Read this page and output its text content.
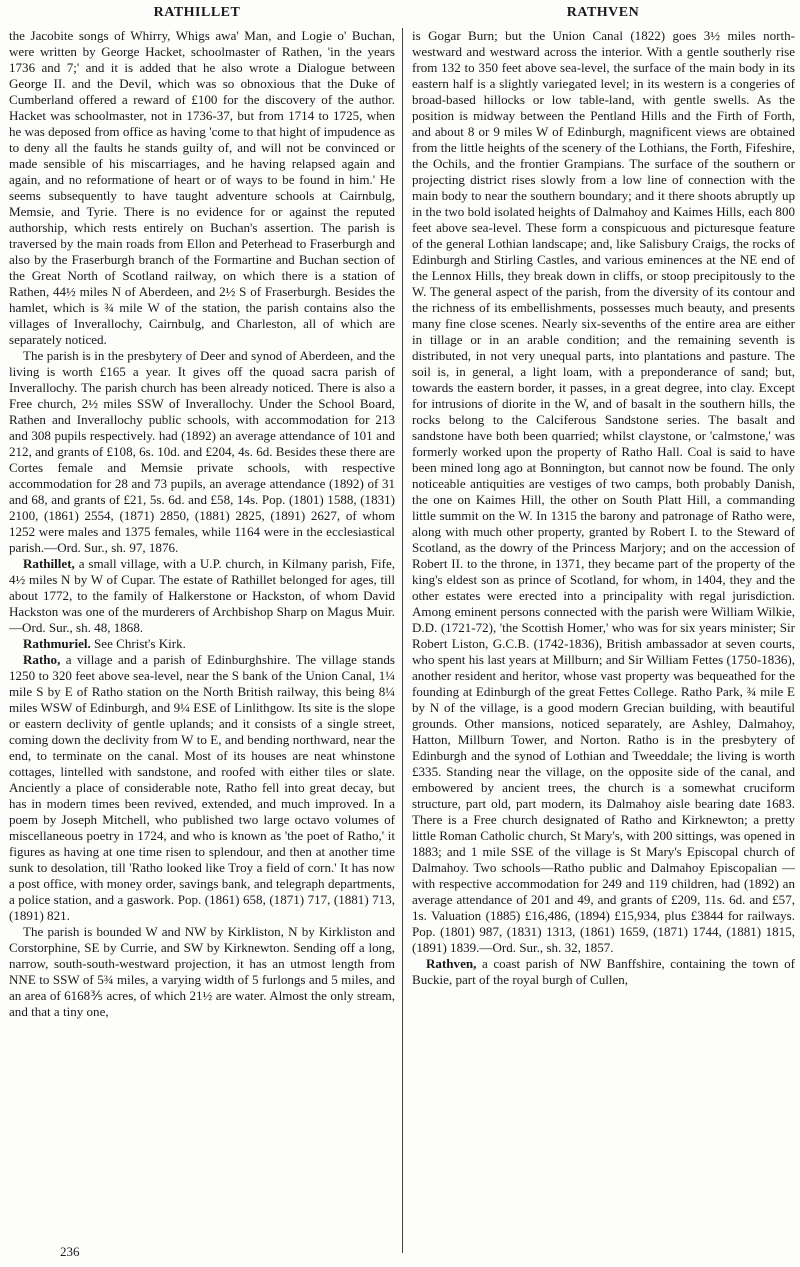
RATHILLET	RATHVEN

the Jacobite songs of Whirry, Whigs awa' Man, and Logie o' Buchan, were written by George Hacket, schoolmaster of Rathen, 'in the years 1736 and 7;' and it is added that he also wrote a Dialogue between George II. and the Devil, which was so obnoxious that the Duke of Cumberland offered a reward of £100 for the discovery of the author. Hacket was schoolmaster, not in 1736-37, but from 1714 to 1725, when he was deposed from office as having 'come to that hight of impudence as to deny all the faults he stands guilty of, and will not be convinced or made sensible of his miscarriages, and he having relapsed again and again, and no reformatione of heart or of ways to be found in him.' He seems subsequently to have taught adventure schools at Cairnbulg, Memsie, and Tyrie. There is no evidence for or against the reputed authorship, which rests entirely on Buchan's assertion. The parish is traversed by the main roads from Ellon and Peterhead to Fraserburgh and also by the Fraserburgh branch of the Formartine and Buchan section of the Great North of Scotland railway, on which there is a station of Rathen, 44½ miles N of Aberdeen, and 2½ S of Fraserburgh. Besides the hamlet, which is ¾ mile W of the station, the parish contains also the villages of Inverallochy, Cairnbulg, and Charleston, all of which are separately noticed.

The parish is in the presbytery of Deer and synod of Aberdeen, and the living is worth £165 a year. It gives off the quoad sacra parish of Inverallochy. The parish church has been already noticed. There is also a Free church, 2½ miles SSW of Inverallochy. Under the School Board, Rathen and Inverallochy public schools, with accommodation for 213 and 308 pupils respectively. had (1892) an average attendance of 101 and 212, and grants of £108, 6s. 10d. and £204, 4s. 6d. Besides these there are Cortes female and Memsie private schools, with respective accommodation for 28 and 73 pupils, an average attendance (1892) of 31 and 68, and grants of £21, 5s. 6d. and £58, 14s. Pop. (1801) 1588, (1831) 2100, (1861) 2554, (1871) 2850, (1881) 2825, (1891) 2627, of whom 1252 were males and 1375 females, while 1164 were in the ecclesiastical parish.—Ord. Sur., sh. 97, 1876.

Rathillet, a small village, with a U.P. church, in Kilmany parish, Fife, 4½ miles N by W of Cupar. The estate of Rathillet belonged for ages, till about 1772, to the family of Halkerstone or Hackston, of whom David Hackston was one of the murderers of Archbishop Sharp on Magus Muir.—Ord. Sur., sh. 48, 1868.

Rathmuriel. See Christ's Kirk.

Ratho, a village and a parish of Edinburghshire. The village stands 1250 to 320 feet above sea-level, near the S bank of the Union Canal, 1¼ mile S by E of Ratho station on the North British railway, this being 8¼ miles WSW of Edinburgh, and 9¼ ESE of Linlithgow. Its site is the slope or eastern declivity of gentle uplands; and it consists of a single street, coming down the declivity from W to E, and bending northward, near the end, to terminate on the canal. Most of its houses are neat whinstone cottages, lintelled with sandstone, and roofed with either tiles or slate. Anciently a place of considerable note, Ratho fell into great decay, but has in modern times been revived, extended, and much improved. In a poem by Joseph Mitchell, who published two large octavo volumes of miscellaneous poetry in 1724, and who is known as 'the poet of Ratho,' it figures as having at one time risen to splendour, and then at another time sunk to desolation, till 'Ratho looked like Troy a field of corn.' It has now a post office, with money order, savings bank, and telegraph departments, a police station, and a gaswork. Pop. (1861) 658, (1871) 717, (1881) 713, (1891) 821.

The parish is bounded W and NW by Kirkliston, N by Kirkliston and Corstorphine, SE by Currie, and SW by Kirknewton. Sending off a long, narrow, south-south-westward projection, it has an utmost length from NNE to SSW of 5¾ miles, a varying width of 5 furlongs and 5 miles, and an area of 6168⅗ acres, of which 21½ are water. Almost the only stream, and that a tiny one,

is Gogar Burn; but the Union Canal (1822) goes 3½ miles north-westward and westward across the interior. With a gentle southerly rise from 132 to 350 feet above sea-level, the surface of the main body in its eastern half is a slightly variegated level; in its western is a congeries of broad-based hillocks or low table-land, with gentle swells. As the position is midway between the Pentland Hills and the Firth of Forth, and about 8 or 9 miles W of Edinburgh, magnificent views are obtained from the little heights of the scenery of the Lothians, the Forth, Fifeshire, the Ochils, and the frontier Grampians. The surface of the southern or projecting district rises slowly from a low line of connection with the main body to near the southern boundary; and it there shoots abruptly up in the two bold isolated heights of Dalmahoy and Kaimes Hills, each 800 feet above sea-level. These form a conspicuous and picturesque feature of the general Lothian landscape; and, like Salisbury Craigs, the rocks of Edinburgh and Stirling Castles, and various eminences at the NE end of the Lennox Hills, they break down in cliffs, or stoop precipitously to the W. The general aspect of the parish, from the diversity of its contour and the richness of its embellishments, possesses much beauty, and presents many fine close scenes. Nearly six-sevenths of the entire area are either in tillage or in an arable condition; and the remaining seventh is distributed, in not very unequal parts, into plantations and pasture. The soil is, in general, a light loam, with a preponderance of sand; but, towards the eastern border, it passes, in a great degree, into clay. Except for intrusions of diorite in the W, and of basalt in the southern hills, the rocks belong to the Calciferous Sandstone series. The basalt and sandstone have both been quarried; whilst claystone, or 'calmstone,' was formerly worked upon the property of Ratho Hall. Coal is said to have been mined long ago at Bonnington, but cannot now be found. The only noticeable antiquities are vestiges of two camps, both probably Danish, the one on Kaimes Hill, the other on South Platt Hill, a commanding little summit on the W. In 1315 the barony and patronage of Ratho were, along with much other property, granted by Robert I. to the Steward of Scotland, as the dowry of the Princess Marjory; and on the accession of Robert II. to the throne, in 1371, they became part of the property of the king's eldest son as prince of Scotland, for whom, in 1404, they and the other estates were erected into a principality with regal jurisdiction. Among eminent persons connected with the parish were William Wilkie, D.D. (1721-72), 'the Scottish Homer,' who was for six years minister; Sir Robert Liston, G.C.B. (1742-1836), British ambassador at seven courts, who spent his last years at Millburn; and Sir William Fettes (1750-1836), another resident and heritor, whose vast property was bequeathed for the founding at Edinburgh of the great Fettes College. Ratho Park, ¾ mile E by N of the village, is a good modern Grecian building, with beautiful grounds. Other mansions, noticed separately, are Ashley, Dalmahoy, Hatton, Millburn Tower, and Norton. Ratho is in the presbytery of Edinburgh and the synod of Lothian and Tweeddale; the living is worth £335. Standing near the village, on the opposite side of the canal, and embowered by ancient trees, the church is a somewhat cruciform structure, part old, part modern, its Dalmahoy aisle bearing date 1683. There is a Free church designated of Ratho and Kirknewton; a pretty little Roman Catholic church, St Mary's, with 200 sittings, was opened in 1883; and 1 mile SSE of the village is St Mary's Episcopal church of Dalmahoy. Two schools—Ratho public and Dalmahoy Episcopalian —with respective accommodation for 249 and 119 children, had (1892) an average attendance of 201 and 49, and grants of £209, 11s. 6d. and £57, 1s. Valuation (1885) £16,486, (1894) £15,934, plus £3844 for railways. Pop. (1801) 987, (1831) 1313, (1861) 1659, (1871) 1744, (1881) 1815, (1891) 1839.—Ord. Sur., sh. 32, 1857.

Rathven, a coast parish of NW Banffshire, containing the town of Buckie, part of the royal burgh of Cullen,

236
